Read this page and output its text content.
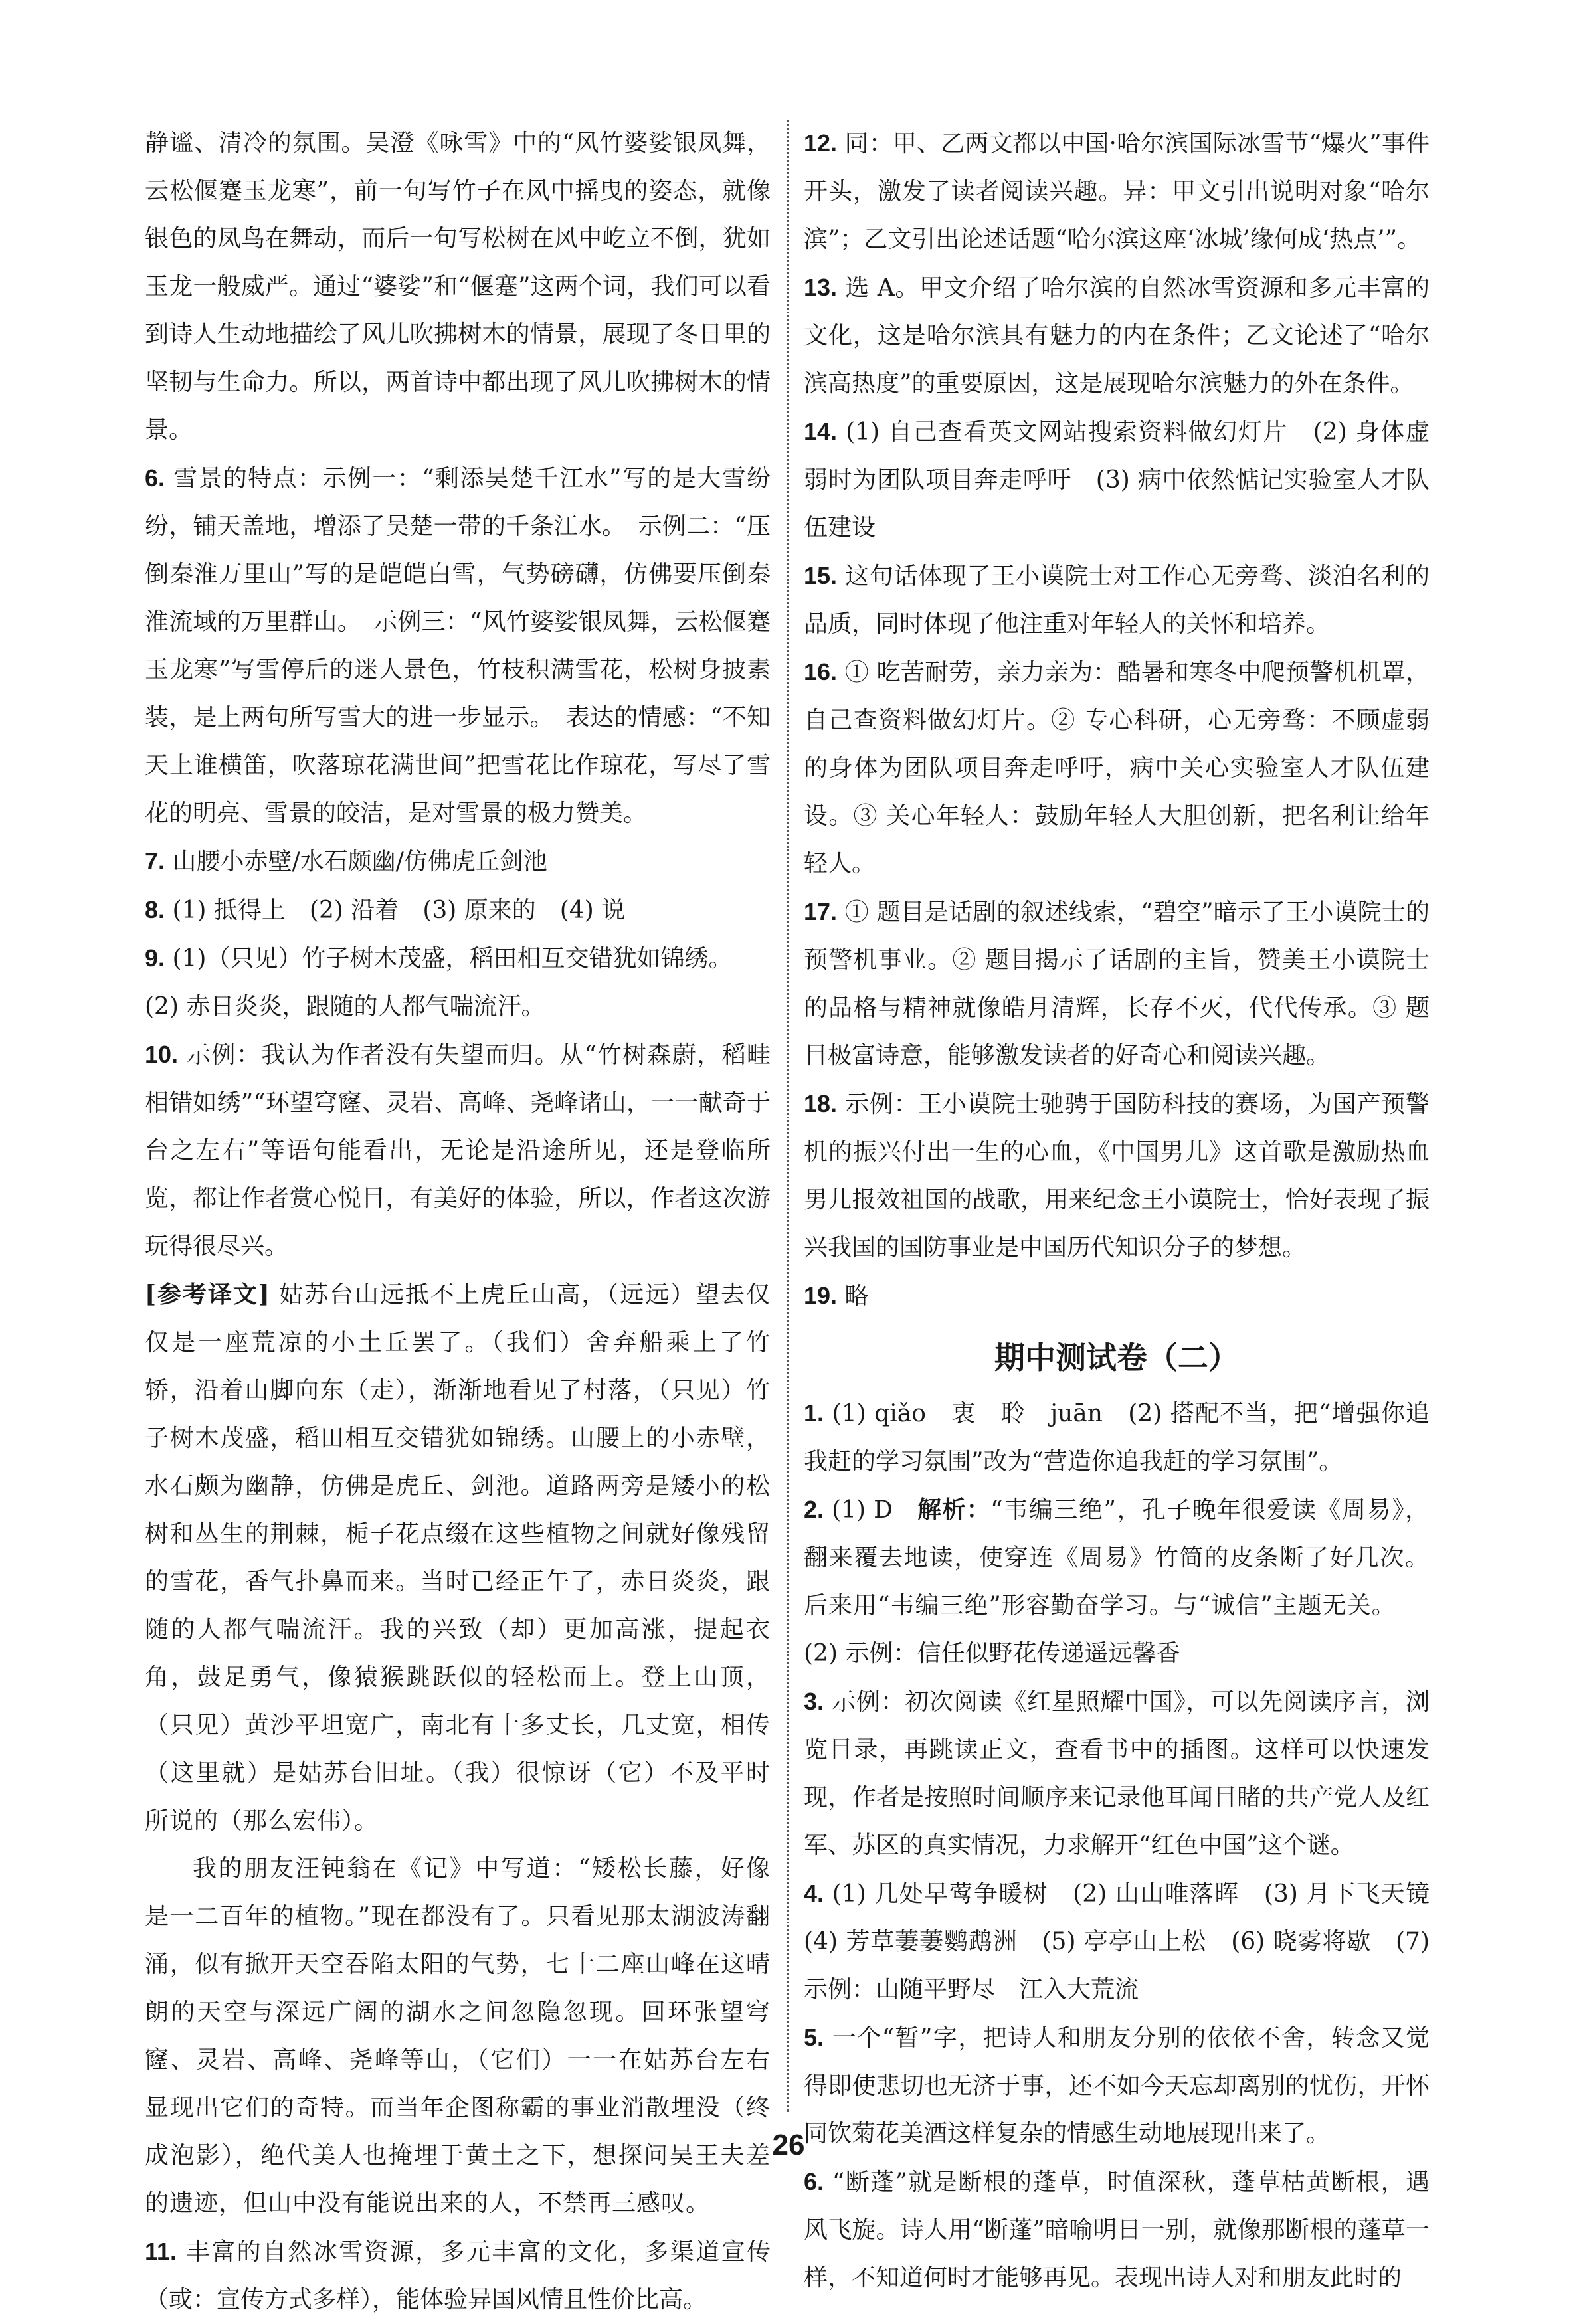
静谧、清冷的氛围。吴澄《咏雪》中的“风竹婆娑银凤舞，云松偃蹇玉龙寒”，前一句写竹子在风中摇曳的姿态，就像银色的凤鸟在舞动，而后一句写松树在风中屹立不倒，犹如玉龙一般威严。通过“婆娑”和“偃蹇”这两个词，我们可以看到诗人生动地描绘了风儿吹拂树木的情景，展现了冬日里的坚韧与生命力。所以，两首诗中都出现了风儿吹拂树木的情景。

6. 雪景的特点：示例一：“剩添吴楚千江水”写的是大雪纷纷，铺天盖地，增添了吴楚一带的千条江水。　示例二：“压倒秦淮万里山”写的是皑皑白雪，气势磅礴，仿佛要压倒秦淮流域的万里群山。　示例三：“风竹婆娑银凤舞，云松偃蹇玉龙寒”写雪停后的迷人景色，竹枝积满雪花，松树身披素装，是上两句所写雪大的进一步显示。　表达的情感：“不知天上谁横笛，吹落琼花满世间”把雪花比作琼花，写尽了雪花的明亮、雪景的皎洁，是对雪景的极力赞美。

7. 山腰小赤壁/水石颇幽/仿佛虎丘剑池

8. (1) 抵得上　(2) 沿着　(3) 原来的　(4) 说

9. (1)（只见）竹子树木茂盛，稻田相互交错犹如锦绣。

(2) 赤日炎炎，跟随的人都气喘流汗。

10. 示例：我认为作者没有失望而归。从“竹树森蔚，稻畦相错如绣”“环望穹窿、灵岩、高峰、尧峰诸山，一一献奇于台之左右”等语句能看出，无论是沿途所见，还是登临所览，都让作者赏心悦目，有美好的体验，所以，作者这次游玩得很尽兴。

[参考译文] 姑苏台山远抵不上虎丘山高，（远远）望去仅仅是一座荒凉的小土丘罢了。（我们）舍弃船乘上了竹轿，沿着山脚向东（走），渐渐地看见了村落，（只见）竹子树木茂盛，稻田相互交错犹如锦绣。山腰上的小赤壁，水石颇为幽静，仿佛是虎丘、剑池。道路两旁是矮小的松树和丛生的荆棘，栀子花点缀在这些植物之间就好像残留的雪花，香气扑鼻而来。当时已经正午了，赤日炎炎，跟随的人都气喘流汗。我的兴致（却）更加高涨，提起衣角，鼓足勇气，像猿猴跳跃似的轻松而上。登上山顶，（只见）黄沙平坦宽广，南北有十多丈长，几丈宽，相传（这里就）是姑苏台旧址。（我）很惊讶（它）不及平时所说的（那么宏伟）。

我的朋友汪钝翁在《记》中写道：“矮松长藤，好像是一二百年的植物。”现在都没有了。只看见那太湖波涛翻涌，似有掀开天空吞陷太阳的气势，七十二座山峰在这晴朗的天空与深远广阔的湖水之间忽隐忽现。回环张望穹窿、灵岩、高峰、尧峰等山，（它们）一一在姑苏台左右显现出它们的奇特。而当年企图称霸的事业消散埋没（终成泡影），绝代美人也掩埋于黄土之下，想探问吴王夫差的遗迹，但山中没有能说出来的人，不禁再三感叹。

11. 丰富的自然冰雪资源，多元丰富的文化，多渠道宣传（或：宣传方式多样），能体验异国风情且性价比高。

12. 同：甲、乙两文都以中国·哈尔滨国际冰雪节“爆火”事件开头，激发了读者阅读兴趣。异：甲文引出说明对象“哈尔滨”；乙文引出论述话题“哈尔滨这座‘冰城’缘何成‘热点’”。

13. 选 A。甲文介绍了哈尔滨的自然冰雪资源和多元丰富的文化，这是哈尔滨具有魅力的内在条件；乙文论述了“哈尔滨高热度”的重要原因，这是展现哈尔滨魅力的外在条件。

14. (1) 自己查看英文网站搜索资料做幻灯片　(2) 身体虚弱时为团队项目奔走呼吁　(3) 病中依然惦记实验室人才队伍建设

15. 这句话体现了王小谟院士对工作心无旁骛、淡泊名利的品质，同时体现了他注重对年轻人的关怀和培养。

16. ① 吃苦耐劳，亲力亲为：酷暑和寒冬中爬预警机机罩，自己查资料做幻灯片。② 专心科研，心无旁骛：不顾虚弱的身体为团队项目奔走呼吁，病中关心实验室人才队伍建设。③ 关心年轻人：鼓励年轻人大胆创新，把名利让给年轻人。

17. ① 题目是话剧的叙述线索，“碧空”暗示了王小谟院士的预警机事业。② 题目揭示了话剧的主旨，赞美王小谟院士的品格与精神就像皓月清辉，长存不灭，代代传承。③ 题目极富诗意，能够激发读者的好奇心和阅读兴趣。

18. 示例：王小谟院士驰骋于国防科技的赛场，为国产预警机的振兴付出一生的心血，《中国男儿》这首歌是激励热血男儿报效祖国的战歌，用来纪念王小谟院士，恰好表现了振兴我国的国防事业是中国历代知识分子的梦想。

19. 略

期中测试卷（二）

1. (1) qiǎo　衷　聆　juān　(2) 搭配不当，把“增强你追我赶的学习氛围”改为“营造你追我赶的学习氛围”。

2. (1) D　解析：“韦编三绝”，孔子晚年很爱读《周易》，翻来覆去地读，使穿连《周易》竹简的皮条断了好几次。后来用“韦编三绝”形容勤奋学习。与“诚信”主题无关。

(2) 示例：信任似野花传递遥远馨香

3. 示例：初次阅读《红星照耀中国》，可以先阅读序言，浏览目录，再跳读正文，查看书中的插图。这样可以快速发现，作者是按照时间顺序来记录他耳闻目睹的共产党人及红军、苏区的真实情况，力求解开“红色中国”这个谜。

4. (1) 几处早莺争暖树　(2) 山山唯落晖　(3) 月下飞天镜　(4) 芳草萋萋鹦鹉洲　(5) 亭亭山上松　(6) 晓雾将歇　(7) 示例：山随平野尽　江入大荒流

5. 一个“暂”字，把诗人和朋友分别的依依不舍，转念又觉得即使悲切也无济于事，还不如今天忘却离别的忧伤，开怀同饮菊花美酒这样复杂的情感生动地展现出来了。

6. “断蓬”就是断根的蓬草，时值深秋，蓬草枯黄断根，遇风飞旋。诗人用“断蓬”暗喻明日一别，就像那断根的蓬草一样，不知道何时才能够再见。表现出诗人对和朋友此时的

26
